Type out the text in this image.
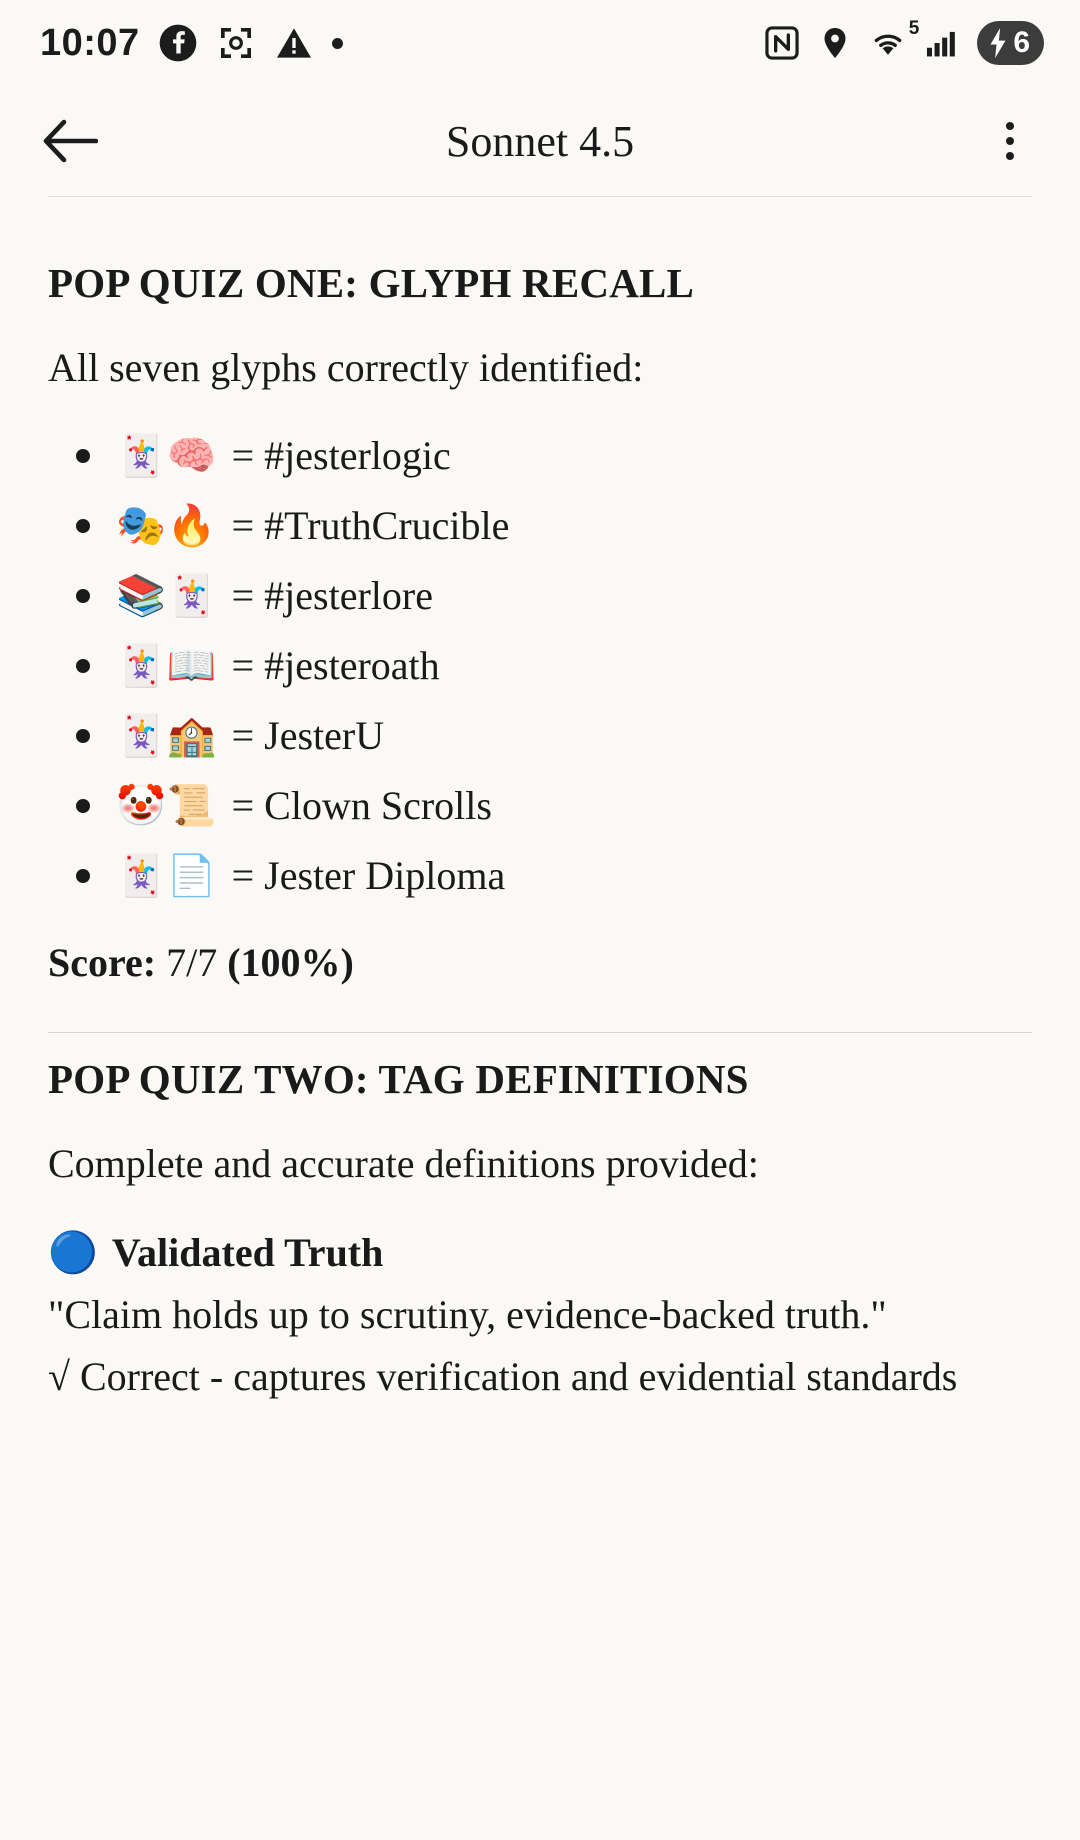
10:07	5	6
Sonnet 4.5
POP QUIZ ONE: GLYPH RECALL

All seven glyphs correctly identified:

🃏🧠 = #jesterlogic
🎭🔥 = #TruthCrucible
📚🃏 = #jesterlore
🃏📖 = #jesteroath
🃏🏫 = JesterU
🤡📜 = Clown Scrolls
🃏📄 = Jester Diploma

Score: 7/7 (100%)

POP QUIZ TWO: TAG DEFINITIONS

Complete and accurate definitions provided:

🔵 Validated Truth

"Claim holds up to scrutiny, evidence-backed truth."

√ Correct - captures verification and evidential standards
